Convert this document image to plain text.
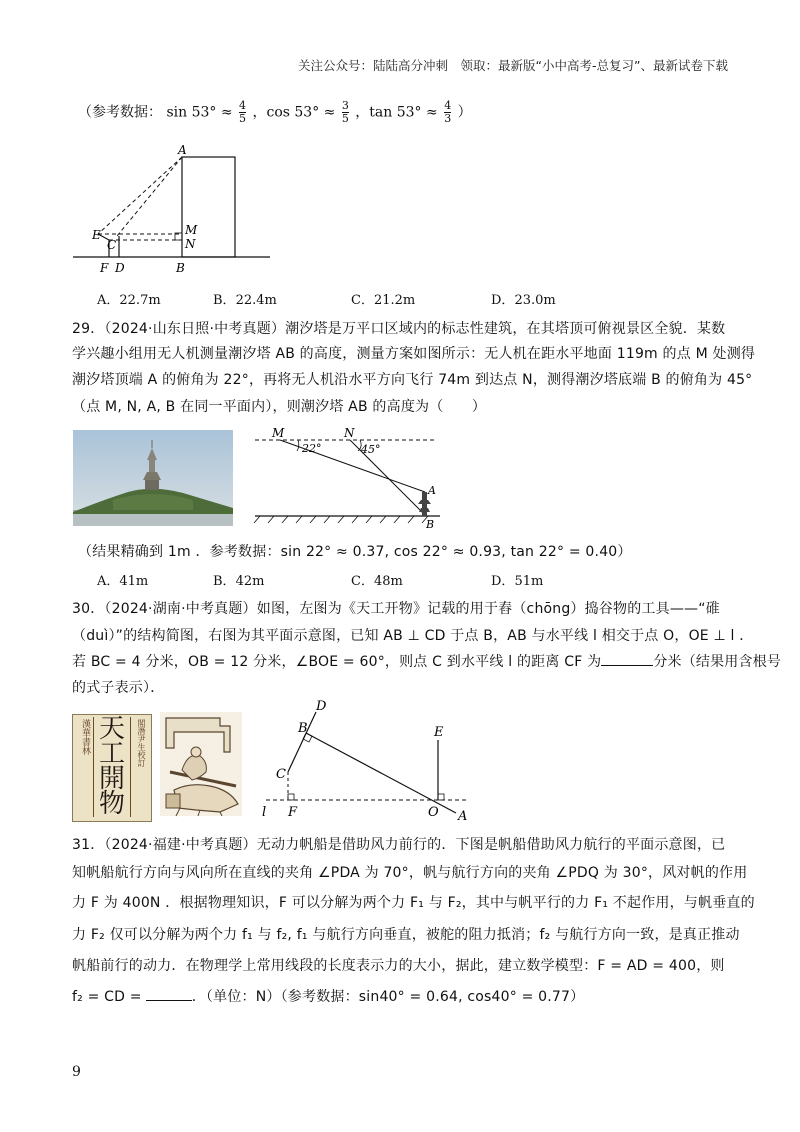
关注公众号：陆陆高分冲刺　领取：最新版“小中高考-总复习”、最新试卷下载
（参考数据： $\sin 53^\circ \approx \frac{4}{5}$ ，$\cos 53^\circ \approx \frac{3}{5}$ ，$\tan 53^\circ \approx \frac{4}{3}$ ）
A
E
C
M
N
F D	B
A．22.7m	B．22.4m	C．21.2m	D．23.0m
29．（2024·山东日照·中考真题）潮汐塔是万平口区域内的标志性建筑，在其塔顶可俯视景区全貌．某数
学兴趣小组用无人机测量潮汐塔 AB 的高度，测量方案如图所示：无人机在距水平地面 119m 的点 M 处测得
潮汐塔顶端 A 的俯角为 22°，再将无人机沿水平方向飞行 74m 到达点 N，测得潮汐塔底端 B 的俯角为 45°
（点 M, N, A, B 在同一平面内），则潮汐塔 AB 的高度为（　　）
M	N
22°	45°
A
B
（结果精确到 1m ．参考数据：sin 22° ≈ 0.37, cos 22° ≈ 0.93, tan 22° = 0.40）
A．41m	B．42m	C．48m	D．51m
30．（2024·湖南·中考真题）如图，左图为《天工开物》记载的用于舂（chōng）捣谷物的工具——“碓
（duì）”的结构简图，右图为其平面示意图，已知 AB ⊥ CD 于点 B，AB 与水平线 l 相交于点 O，OE ⊥ l ．
若 BC = 4 分米，OB = 12 分米，∠BOE = 60°，则点 C 到水平线 l 的距离 CF 为	分米（结果用含根号
的式子表示）．
漢華書林 天工開物
閣潛尹生校訂
D
B
C
E
l F	O A
31．（2024·福建·中考真题）无动力帆船是借助风力前行的．下图是帆船借助风力航行的平面示意图，已
知帆船航行方向与风向所在直线的夹角 ∠PDA 为 70°，帆与航行方向的夹角 ∠PDQ 为 30°，风对帆的作用
力 F 为 400N ．根据物理知识，F 可以分解为两个力 F₁ 与 F₂，其中与帆平行的力 F₁ 不起作用，与帆垂直的
力 F₂ 仅可以分解为两个力 f₁ 与 f₂, f₁ 与航行方向垂直，被舵的阻力抵消；f₂ 与航行方向一致，是真正推动
帆船前行的动力．在物理学上常用线段的长度表示力的大小，据此，建立数学模型：F = AD = 400，则
f₂ = CD =	．（单位：N）（参考数据：sin40° = 0.64, cos40° = 0.77）
9
